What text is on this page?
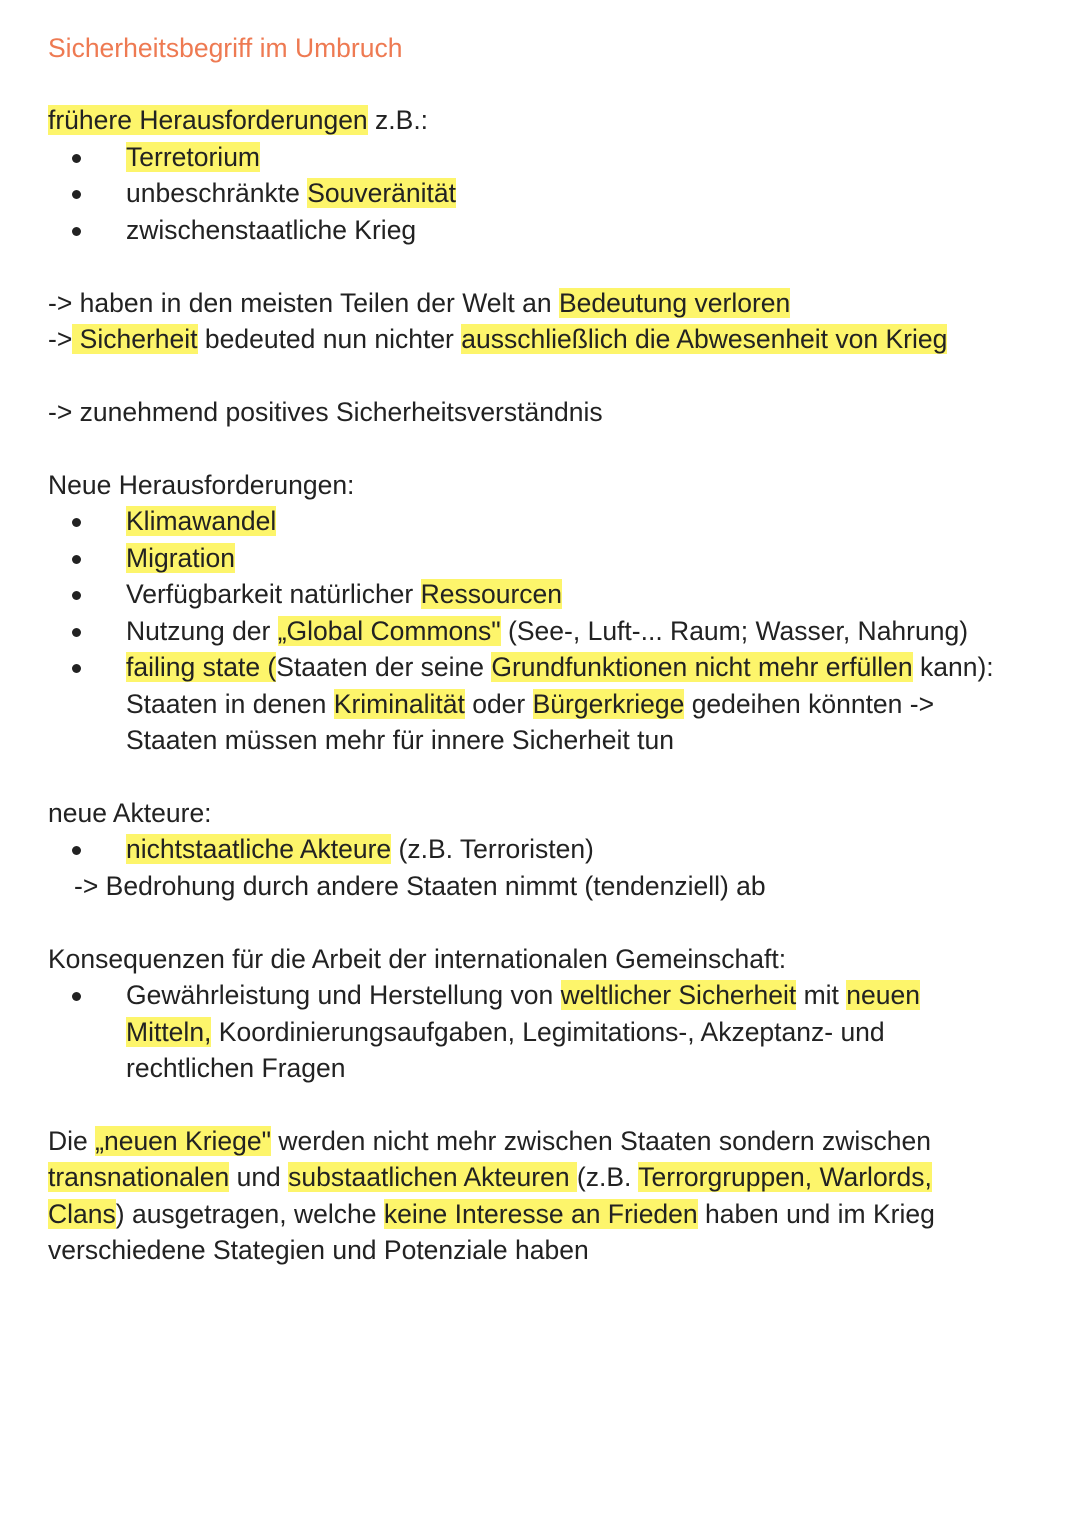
Sicherheitsbegriff im Umbruch
frühere Herausforderungen z.B.:
Terretorium
unbeschränkte Souveränität
zwischenstaatliche Krieg
-> haben in den meisten Teilen der Welt an Bedeutung verloren
-> Sicherheit bedeuted nun nichter ausschließlich die Abwesenheit von Krieg
-> zunehmend positives Sicherheitsverständnis
Neue Herausforderungen:
Klimawandel
Migration
Verfügbarkeit natürlicher Ressourcen
Nutzung der „Global Commons" (See-, Luft-... Raum; Wasser, Nahrung)
failing state (Staaten der seine Grundfunktionen nicht mehr erfüllen kann):
Staaten in denen Kriminalität oder Bürgerkriege gedeihen könnten ->
Staaten müssen mehr für innere Sicherheit tun
neue Akteure:
nichtstaatliche Akteure (z.B. Terroristen)
-> Bedrohung durch andere Staaten nimmt (tendenziell) ab
Konsequenzen für die Arbeit der internationalen Gemeinschaft:
Gewährleistung und Herstellung von weltlicher Sicherheit mit neuen
Mitteln, Koordinierungsaufgaben, Legimitations-, Akzeptanz- und
rechtlichen Fragen
Die „neuen Kriege" werden nicht mehr zwischen Staaten sondern zwischen
transnationalen und substaatlichen Akteuren (z.B. Terrorgruppen, Warlords,
Clans) ausgetragen, welche keine Interesse an Frieden haben und im Krieg
verschiedene Stategien und Potenziale haben
